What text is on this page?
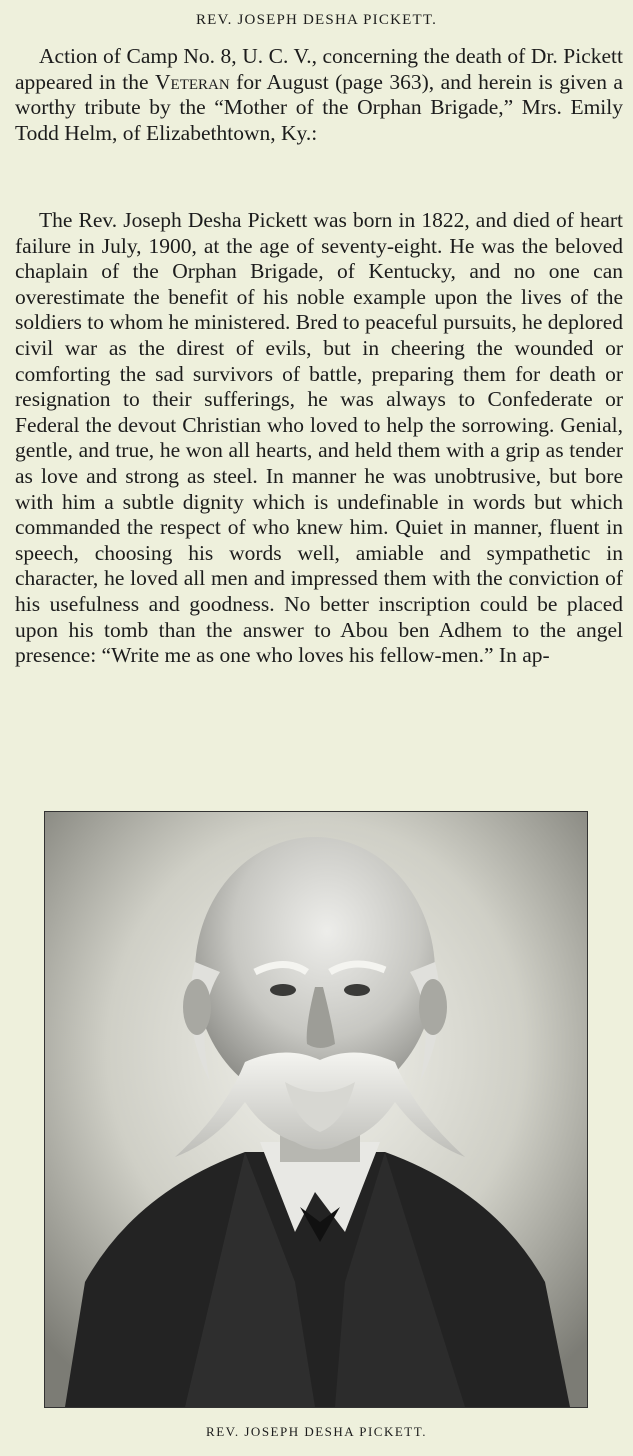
REV. JOSEPH DESHA PICKETT.

Action of Camp No. 8, U. C. V., concerning the death of Dr. Pickett appeared in the Veteran for August (page 363), and herein is given a worthy tribute by the “Mother of the Orphan Brigade,” Mrs. Emily Todd Helm, of Elizabethtown, Ky.:

The Rev. Joseph Desha Pickett was born in 1822, and died of heart failure in July, 1900, at the age of seventy-eight. He was the beloved chaplain of the Orphan Brigade, of Kentucky, and no one can overestimate the benefit of his noble example upon the lives of the soldiers to whom he ministered. Bred to peaceful pursuits, he deplored civil war as the direst of evils, but in cheering the wounded or comforting the sad survivors of battle, preparing them for death or resignation to their sufferings, he was always to Confederate or Federal the devout Christian who loved to help the sorrowing. Genial, gentle, and true, he won all hearts, and held them with a grip as tender as love and strong as steel. In manner he was unobtrusive, but bore with him a subtle dignity which is undefinable in words but which commanded the respect of who knew him. Quiet in manner, fluent in speech, choosing his words well, amiable and sympathetic in character, he loved all men and impressed them with the conviction of his usefulness and goodness. No better inscription could be placed upon his tomb than the answer to Abou ben Adhem to the angel presence: “Write me as one who loves his fellow-men.” In ap-

REV. JOSEPH DESHA PICKETT.
